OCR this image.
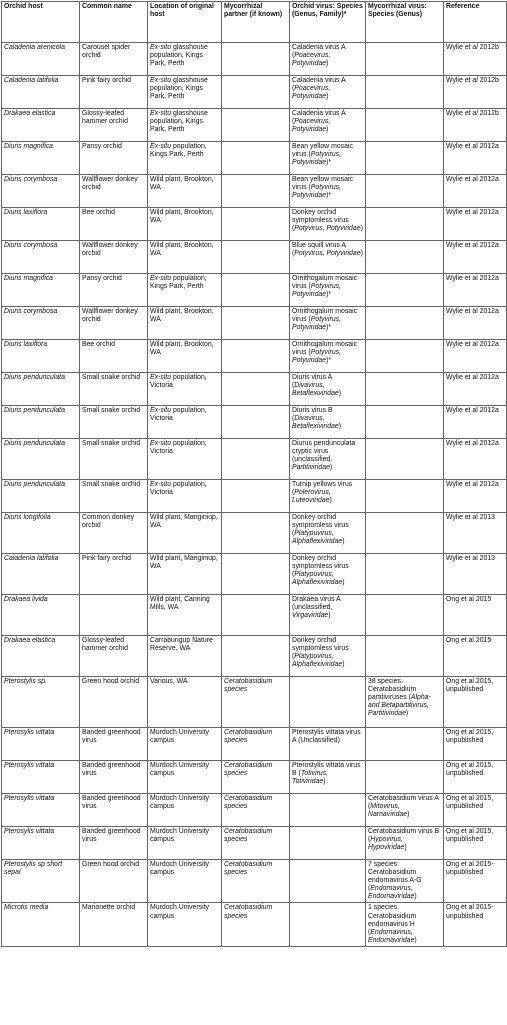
Orchid host	Common name	Location of original host	Mycorrhizal partner (if known)	Orchid virus: Species (Genus, Family)*	Mycorrhizal virus: Species (Genus)	Reference
Caladenia arenicola	Carousel spider orchid	Ex-situ glasshouse population, Kings Park, Perth		Caladenia virus A (Poacevirus, Potyviridae)		Wylie et al 2012b
Caladenia latifolia	Pink fairy orchid	Ex-situ glasshouse population, Kings Park, Perth		Caladenia virus A (Poacevirus, Potyviridae)		Wylie et al 2012b
Drakaea elastica	Glossy-leafed hammer orchid	Ex-situ glasshouse population, Kings Park, Perth		Caladenia virus A (Poacevirus, Potyviridae)		Wylie et al 2012b
Diuris magnifica	Pansy orchid	Ex-situ population, Kings Park, Perth		Bean yellow mosaic virus (Potyvirus, Potyviridae)*		Wylie et al 2012a
Diuris corymbosa	Wallflower donkey orchid	Wild plant, Brookton, WA		Bean yellow mosaic virus (Potyvirus, Potyviridae)*		Wylie et al 2012a
Diuris laxiflora	Bee orchid	Wild plant, Brookton, WA		Donkey orchid symptomless virus (Potyvirus, Potyviridae)		Wylie et al 2012a
Diuris corymbosa	Wallflower donkey orchid	Wild plant, Brookton, WA		Blue squill virus A (Potyvirus, Potyviridae)		Wylie et al 2012a
Diuris magnifica	Pansy orchid	Ex-situ population, Kings Park, Perth		Ornithogalum mosaic virus (Potyvirus, Potyviridae)*		Wylie et al 2012a
Diuris corymbosa	Wallflower donkey orchid	Wild plant, Brookton, WA		Ornithogalum mosaic virus (Potyvirus, Potyviridae)*		Wylie et al 2012a
Diuris laxiflora	Bee orchid	Wild plant, Brookton, WA		Ornithogalum mosaic virus (Potyvirus, Potyviridae)*		Wylie et al 2012a
Diuris pendunculata	Small snake orchid	Ex-situ population, Victoria		Diuris virus A (Divavirus, Betaflexiviridae)		Wylie et al 2012a
Diuris pendunculata	Small snake orchid	Ex-situ population, Victoria		Diuris virus B (Divavirus, Betaflexiviridae)		Wylie et al 2012a
Diuris pendunculata	Small snake orchid	Ex-situ population, Victoria		Diurus pendunculata cryptic virus (unclassified, Partitiviridae)		Wylie et al 2012a
Diuris pendunculata	Small snake orchid	Ex-situ population, Victoria		Turnip yellows virus (Polerovirus, Luteoviridae)		Wylie et al 2012a
Diuris longifolia	Common donkey orchid	Wild plant, Mariginiup, WA		Donkey orchid symptomless virus (Platypuvirus, Alphaflexiviridae)		Wylie et al 2013
Caladenia latifolia	Pink fairy orchid	Wild plant, Mariginiup, WA		Donkey orchid symptomless virus (Platypuvirus, Alphaflexiviridae)		Wylie et al 2013
Drakaea livida		Wild plant, Canning Mills, WA		Drakaea virus A (unclassified, Virgaviridae)		Ong et al 2015
Drakaea elastica	Glossy-leafed hammer orchid	Carrabungup Nature Reserve, WA		Donkey orchid symptomless virus (Platypuvirus, Alphaflexiviridae)		Ong et al 2015
Pterostylis sp.	Green hood orchid	Various, WA	Ceratobasidium species		38 species. Ceratobasidium partitiviruses (Alpha- and Betapartitivirus, Partitiviridae)	Ong et al 2015, unpublished
Pterosylis vittata	Banded greenhood virus	Murdoch University campus	Ceratobasidium species	Pterostylis vittata virus A (Unclassified)		Ong et al 2015, unpublished
Pterosylis vittata	Banded greenhood virus	Murdoch University campus	Ceratobasidium species	Pterostylis vittata virus B (Totivirus, Totiviridae)		Ong et al 2015, unpublished
Pterosylis vittata	Banded greenhood virus	Murdoch University campus	Ceratobasidium species		Ceratobasidium virus A (Mitovirus, Narnaviridae)	Ong et al 2015, unpublished
Pterosylis vittata	Banded greenhood virus	Murdoch University campus	Ceratobasidium species		Ceratobasidium virus B (Hypovirus, Hypoviridae)	Ong et al 2015, unpublished
Pterostylis sp short sepal	Green hood orchid	Murdoch University campus	Ceratobasidium species		7 species. Ceratobasidium endornavirus A-G (Endornavirus, Endornaviridae)	Ong et al 2015-unpublished
Microtis media	Marionette orchid	Murdoch University campus	Ceratobasidium species		1 species. Ceratobasidium endornavirus H (Endornavirus, Endornaviridae)	Ong et al 2015-unpublished
